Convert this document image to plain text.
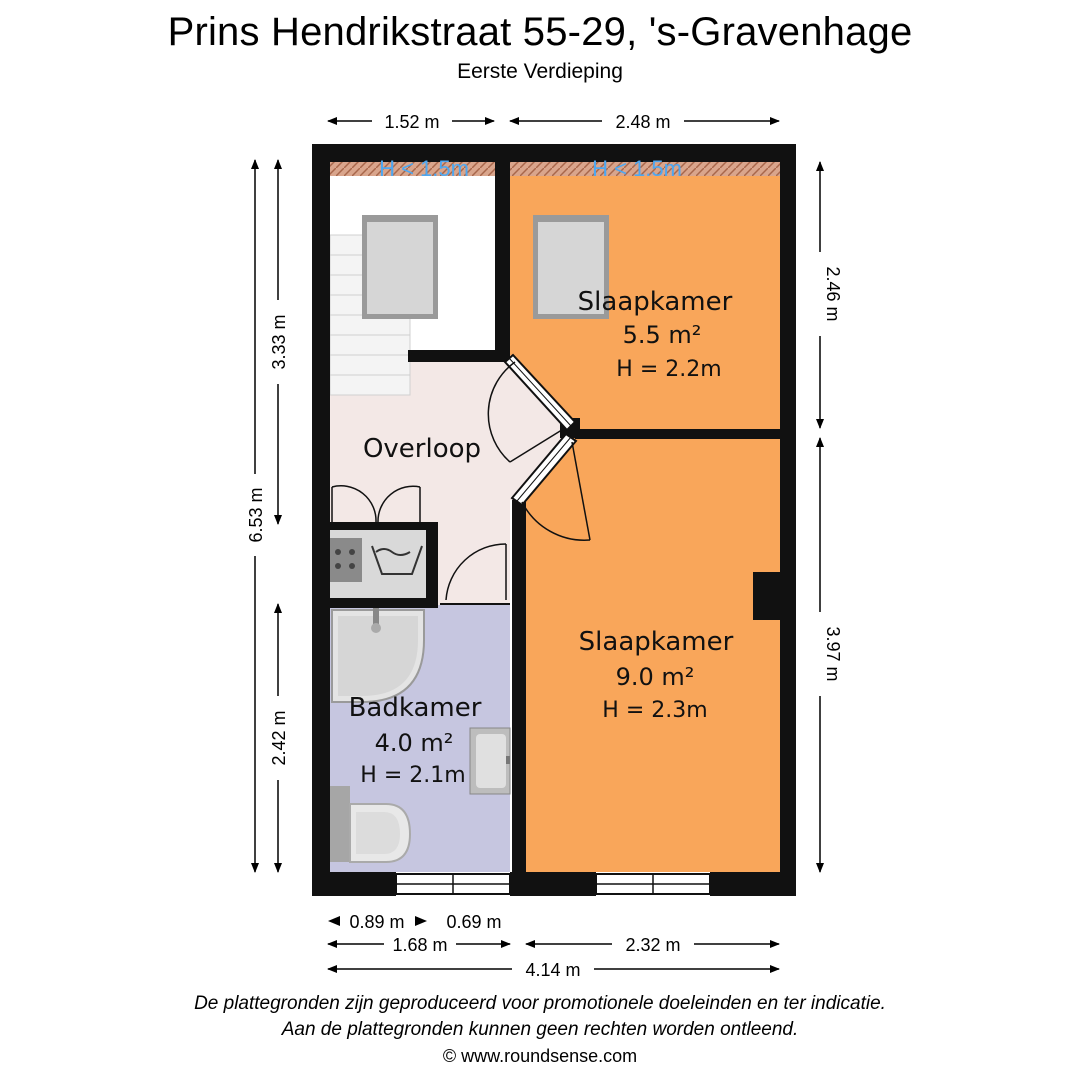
Prins Hendrikstraat 55-29, 's-Gravenhage
Eerste Verdieping
H < 1.5m	H < 1.5m
Slaapkamer
5.5 m²
H = 2.2m
Overloop
Slaapkamer
9.0 m²
H = 2.3m
Badkamer
4.0 m²
H = 2.1m
1.52 m	2.48 m
6.53 m
3.33 m
2.42 m
2.46 m
3.97 m
0.89 m 0.69 m
1.68 m	2.32 m
4.14 m
De plattegronden zijn geproduceerd voor promotionele doeleinden en ter indicatie.
Aan de plattegronden kunnen geen rechten worden ontleend.
© www.roundsense.com
